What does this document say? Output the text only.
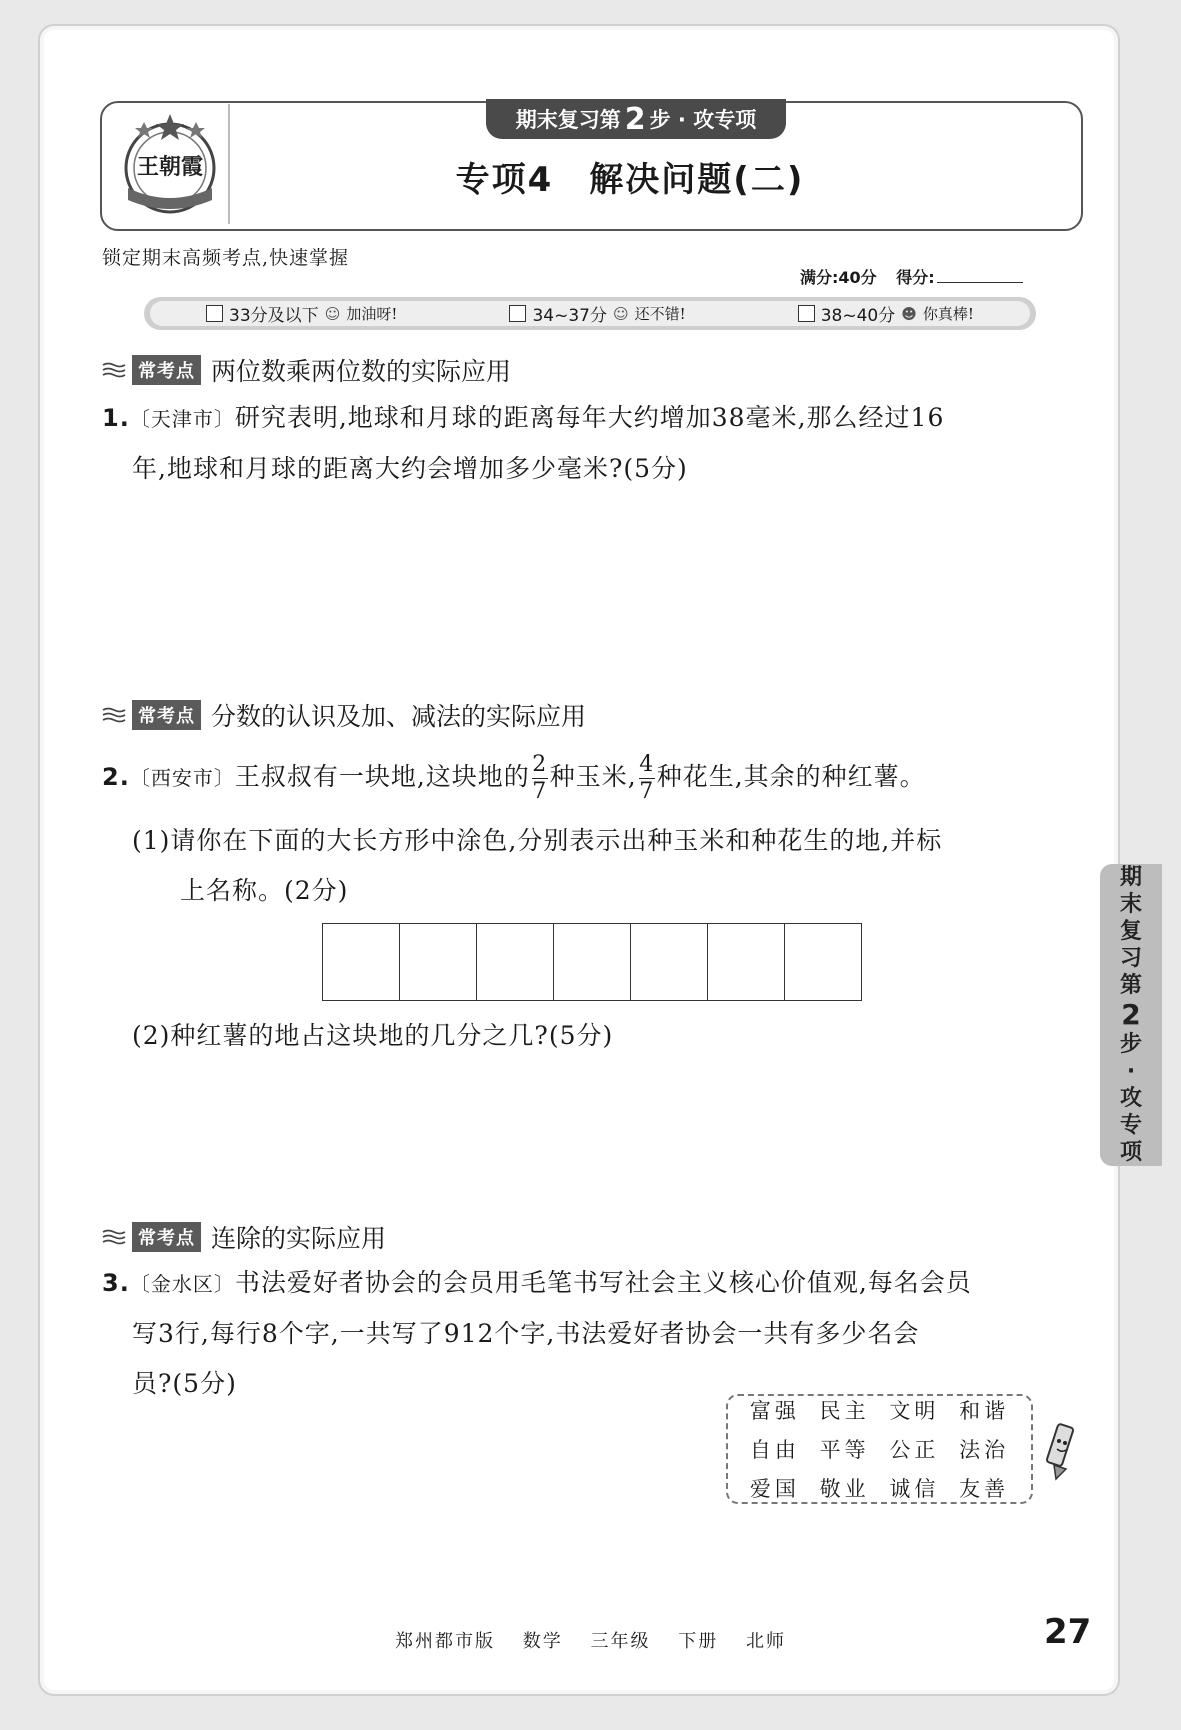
王朝霞
期末复习第 2 步 · 攻专项
专项4　解决问题(二)
锁定期末高频考点,快速掌握
满分:40分 得分:
33分及以下 ☺ 加油呀!	34~37分 ☺ 还不错!	38~40分 ☻ 你真棒!
常考点 两位数乘两位数的实际应用
1.〔天津市〕研究表明,地球和月球的距离每年大约增加38毫米,那么经过16
年,地球和月球的距离大约会增加多少毫米?(5分)
常考点 分数的认识及加、减法的实际应用
2.〔西安市〕王叔叔有一块地,这块地的 $\frac{2}{7}$ 种玉米, $\frac{4}{7}$ 种花生,其余的种红薯。
(1)请你在下面的大长方形中涂色,分别表示出种玉米和种花生的地,并标
上名称。(2分)
(2)种红薯的地占这块地的几分之几?(5分)
常考点 连除的实际应用
3.〔金水区〕书法爱好者协会的会员用毛笔书写社会主义核心价值观,每名会员
写3行,每行8个字,一共写了912个字,书法爱好者协会一共有多少名会
员?(5分)
富强 民主 文明 和谐
自由 平等 公正 法治
爱国 敬业 诚信 友善
期
末
复
习
第
2
步
·
攻
专
项
郑州都市版 数学 三年级 下册 北师	27
